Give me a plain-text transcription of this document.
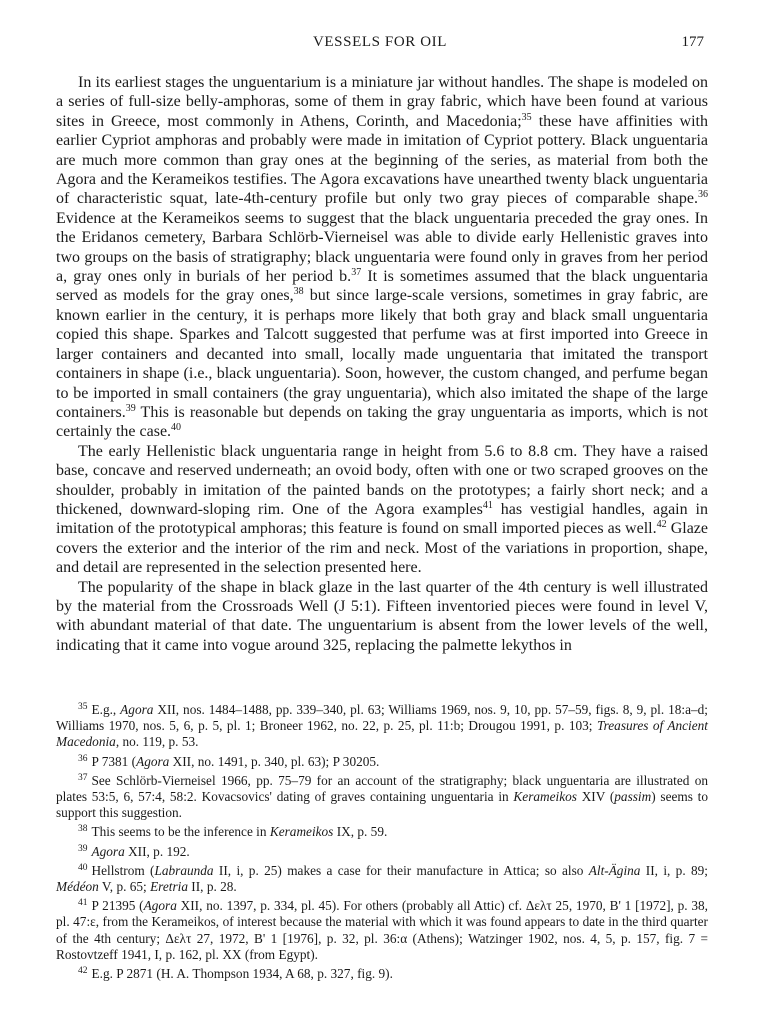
VESSELS FOR OIL	177

In its earliest stages the unguentarium is a miniature jar without handles. The shape is modeled on a series of full-size belly-amphoras, some of them in gray fabric, which have been found at various sites in Greece, most commonly in Athens, Corinth, and Macedonia;$^{35}$ these have affinities with earlier Cypriot amphoras and probably were made in imitation of Cypriot pottery. Black unguentaria are much more common than gray ones at the beginning of the series, as material from both the Agora and the Kerameikos testifies. The Agora excavations have unearthed twenty black unguentaria of characteristic squat, late-4th-century profile but only two gray pieces of comparable shape.$^{36}$ Evidence at the Kerameikos seems to suggest that the black unguentaria preceded the gray ones. In the Eridanos cemetery, Barbara Schlörb-Vierneisel was able to divide early Hellenistic graves into two groups on the basis of stratigraphy; black unguentaria were found only in graves from her period a, gray ones only in burials of her period b.$^{37}$ It is sometimes assumed that the black unguentaria served as models for the gray ones,$^{38}$ but since large-scale versions, sometimes in gray fabric, are known earlier in the century, it is perhaps more likely that both gray and black small unguentaria copied this shape. Sparkes and Talcott suggested that perfume was at first imported into Greece in larger containers and decanted into small, locally made unguentaria that imitated the transport containers in shape (i.e., black unguentaria). Soon, however, the custom changed, and perfume began to be imported in small containers (the gray unguentaria), which also imitated the shape of the large containers.$^{39}$ This is reasonable but depends on taking the gray unguentaria as imports, which is not certainly the case.$^{40}$

The early Hellenistic black unguentaria range in height from 5.6 to 8.8 cm. They have a raised base, concave and reserved underneath; an ovoid body, often with one or two scraped grooves on the shoulder, probably in imitation of the painted bands on the prototypes; a fairly short neck; and a thickened, downward-sloping rim. One of the Agora examples$^{41}$ has vestigial handles, again in imitation of the prototypical amphoras; this feature is found on small imported pieces as well.$^{42}$ Glaze covers the exterior and the interior of the rim and neck. Most of the variations in proportion, shape, and detail are represented in the selection presented here.

The popularity of the shape in black glaze in the last quarter of the 4th century is well illustrated by the material from the Crossroads Well (J 5:1). Fifteen inventoried pieces were found in level V, with abundant material of that date. The unguentarium is absent from the lower levels of the well, indicating that it came into vogue around 325, replacing the palmette lekythos in

$^{35}$ E.g., Agora XII, nos. 1484–1488, pp. 339–340, pl. 63; Williams 1969, nos. 9, 10, pp. 57–59, figs. 8, 9, pl. 18:a–d; Williams 1970, nos. 5, 6, p. 5, pl. 1; Broneer 1962, no. 22, p. 25, pl. 11:b; Drougou 1991, p. 103; Treasures of Ancient Macedonia, no. 119, p. 53.

$^{36}$ P 7381 (Agora XII, no. 1491, p. 340, pl. 63); P 30205.

$^{37}$ See Schlörb-Vierneisel 1966, pp. 75–79 for an account of the stratigraphy; black unguentaria are illustrated on plates 53:5, 6, 57:4, 58:2. Kovacsovics' dating of graves containing unguentaria in Kerameikos XIV (passim) seems to support this suggestion.

$^{38}$ This seems to be the inference in Kerameikos IX, p. 59.

$^{39}$ Agora XII, p. 192.

$^{40}$ Hellstrom (Labraunda II, i, p. 25) makes a case for their manufacture in Attica; so also Alt-Ägina II, i, p. 89; Médéon V, p. 65; Eretria II, p. 28.

$^{41}$ P 21395 (Agora XII, no. 1397, p. 334, pl. 45). For others (probably all Attic) cf. Δελτ 25, 1970, Β' 1 [1972], p. 38, pl. 47:ε, from the Kerameikos, of interest because the material with which it was found appears to date in the third quarter of the 4th century; Δελτ 27, 1972, Β' 1 [1976], p. 32, pl. 36:α (Athens); Watzinger 1902, nos. 4, 5, p. 157, fig. 7 = Rostovtzeff 1941, I, p. 162, pl. XX (from Egypt).

$^{42}$ E.g. P 2871 (H. A. Thompson 1934, A 68, p. 327, fig. 9).
